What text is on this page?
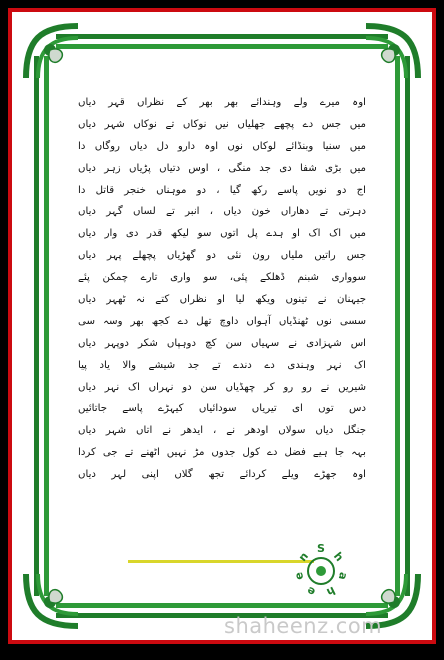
اوہ میرے ولے وہندائے بھر بھر کے نظراں قہر دیاں
میں جس دے پچھے جھلیاں نیں نوکاں تے نوکاں شہر دیاں
میں سنیا وبنڈائے لوکاں نوں اوہ دارو دل دیاں روگاں دا
میں بڑی شفا دی جد منگی ، اوس دتیاں پڑیاں زہر دیاں
اج دو نویں پاسے رکھ گیا ، دو موہناں خنجر قاتل دا
دہرتی تے دھاراں خون دیاں ، انبر تے لساں گہر دیاں
میں اک اک او ہدے پل اتوں سو لیکھ قدر دی وار دیاں
جس راتیں ملیاں رون نئی دو گھڑیاں پچھلے پہر دیاں
سوواری شبنم ڈھلکے پئی، سو واری تارے چمکن پئے
جیہنان نے تینوں ویکھ لیا او نظراں کتے نہ ٹھہر دیاں
سسی نوں ٹھنڈیاں آہواں داوچ تھل دے کجھ بھر وسہ سی
اس شہزادی نے سہیاں سن کچ دوہپاں شکر دوپہر دیاں
اک نہر وہندی دے دندے تے جد شیشے والا یاد پیا
شیریں نے رو رو کر چھڈیاں سن دو نہراں اک نہر دیاں
دس توں ای تیریاں سودائیاں کیہڑے پاسے جاتائیں
جنگل دیاں سولاں اودھر نے ، ایدھر نے اتاں شہر دیاں
بہہ جا ہیے فضل دے کول جدوں مڑ نہیں اٹھنے تے جی کردا
اوہ جھڑے ویلے کردائے تجھ گلاں اپنی لہر دیاں
S
h
a
h
e
e
n
shaheenz.com
